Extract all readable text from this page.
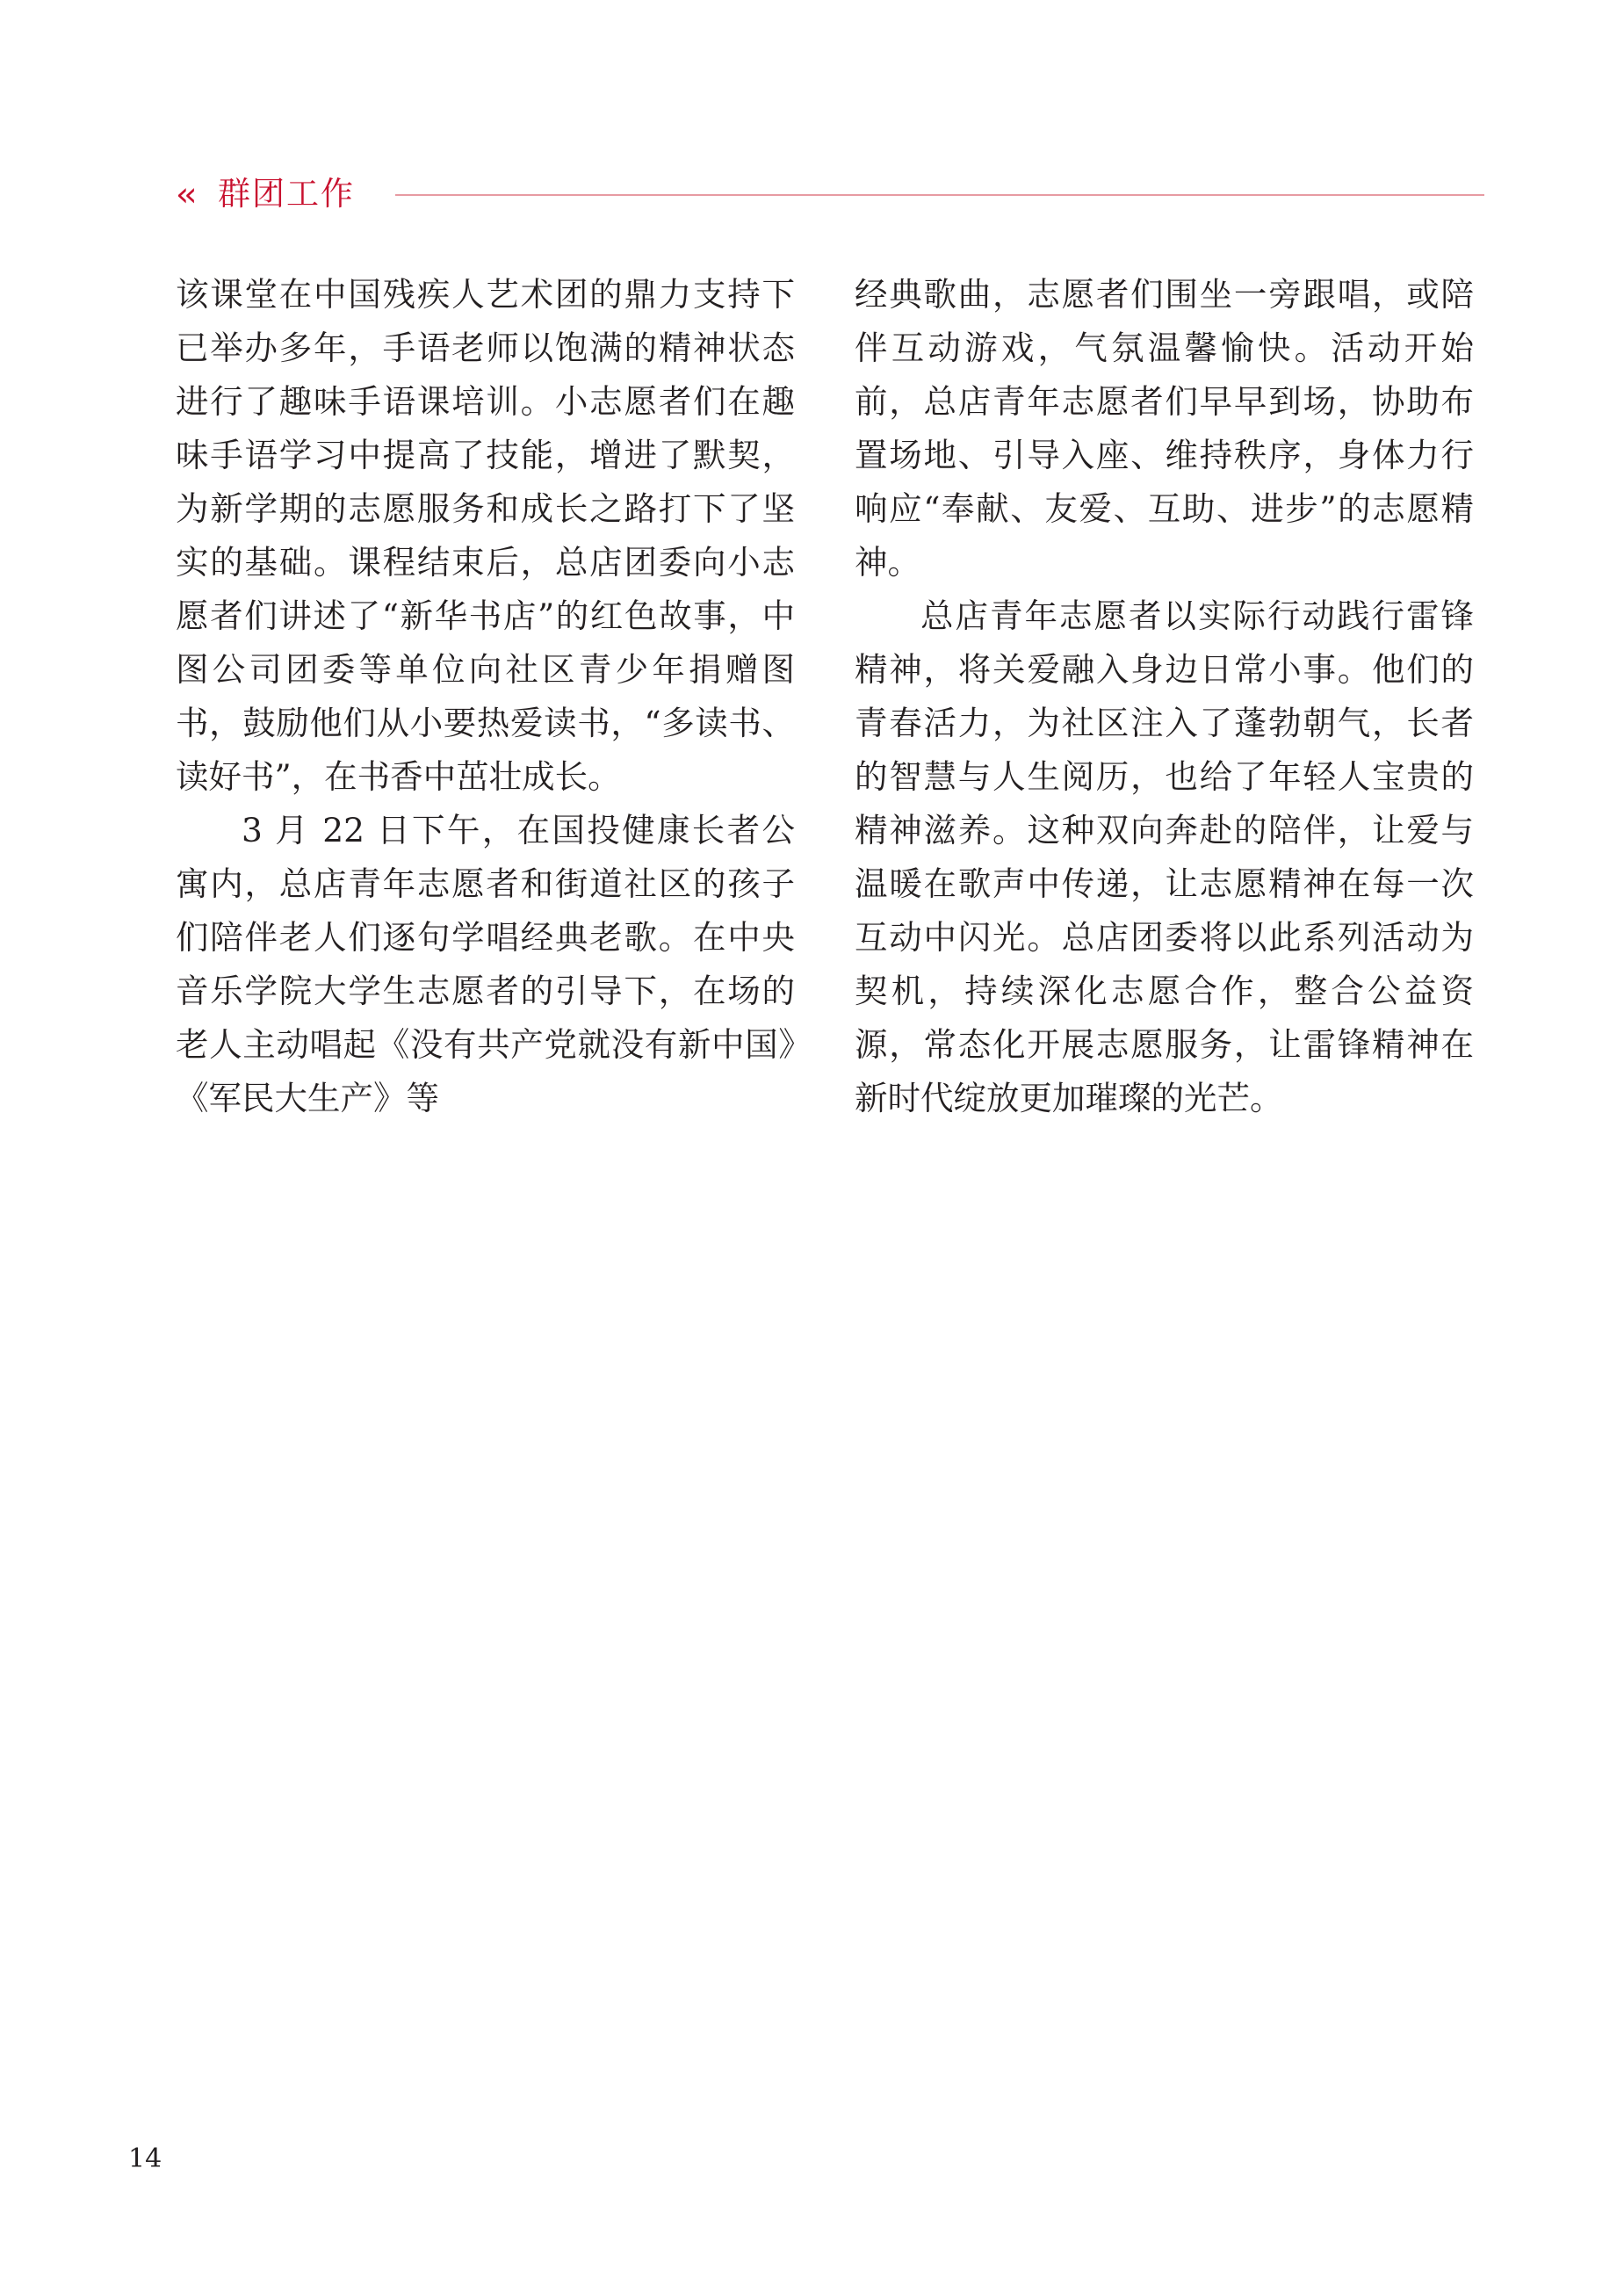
‹‹ 群团工作

该课堂在中国残疾人艺术团的鼎力支持下已举办多年，手语老师以饱满的精神状态进行了趣味手语课培训。小志愿者们在趣味手语学习中提高了技能，增进了默契，为新学期的志愿服务和成长之路打下了坚实的基础。课程结束后，总店团委向小志愿者们讲述了“新华书店”的红色故事，中图公司团委等单位向社区青少年捐赠图书，鼓励他们从小要热爱读书，“多读书、读好书”，在书香中茁壮成长。

3 月 22 日下午，在国投健康长者公寓内，总店青年志愿者和街道社区的孩子们陪伴老人们逐句学唱经典老歌。在中央音乐学院大学生志愿者的引导下，在场的老人主动唱起《没有共产党就没有新中国》《军民大生产》等

经典歌曲，志愿者们围坐一旁跟唱，或陪伴互动游戏，气氛温馨愉快。活动开始前，总店青年志愿者们早早到场，协助布置场地、引导入座、维持秩序，身体力行响应“奉献、友爱、互助、进步”的志愿精神。

总店青年志愿者以实际行动践行雷锋精神，将关爱融入身边日常小事。他们的青春活力，为社区注入了蓬勃朝气，长者的智慧与人生阅历，也给了年轻人宝贵的精神滋养。这种双向奔赴的陪伴，让爱与温暖在歌声中传递，让志愿精神在每一次互动中闪光。总店团委将以此系列活动为契机，持续深化志愿合作，整合公益资源，常态化开展志愿服务，让雷锋精神在新时代绽放更加璀璨的光芒。

14
